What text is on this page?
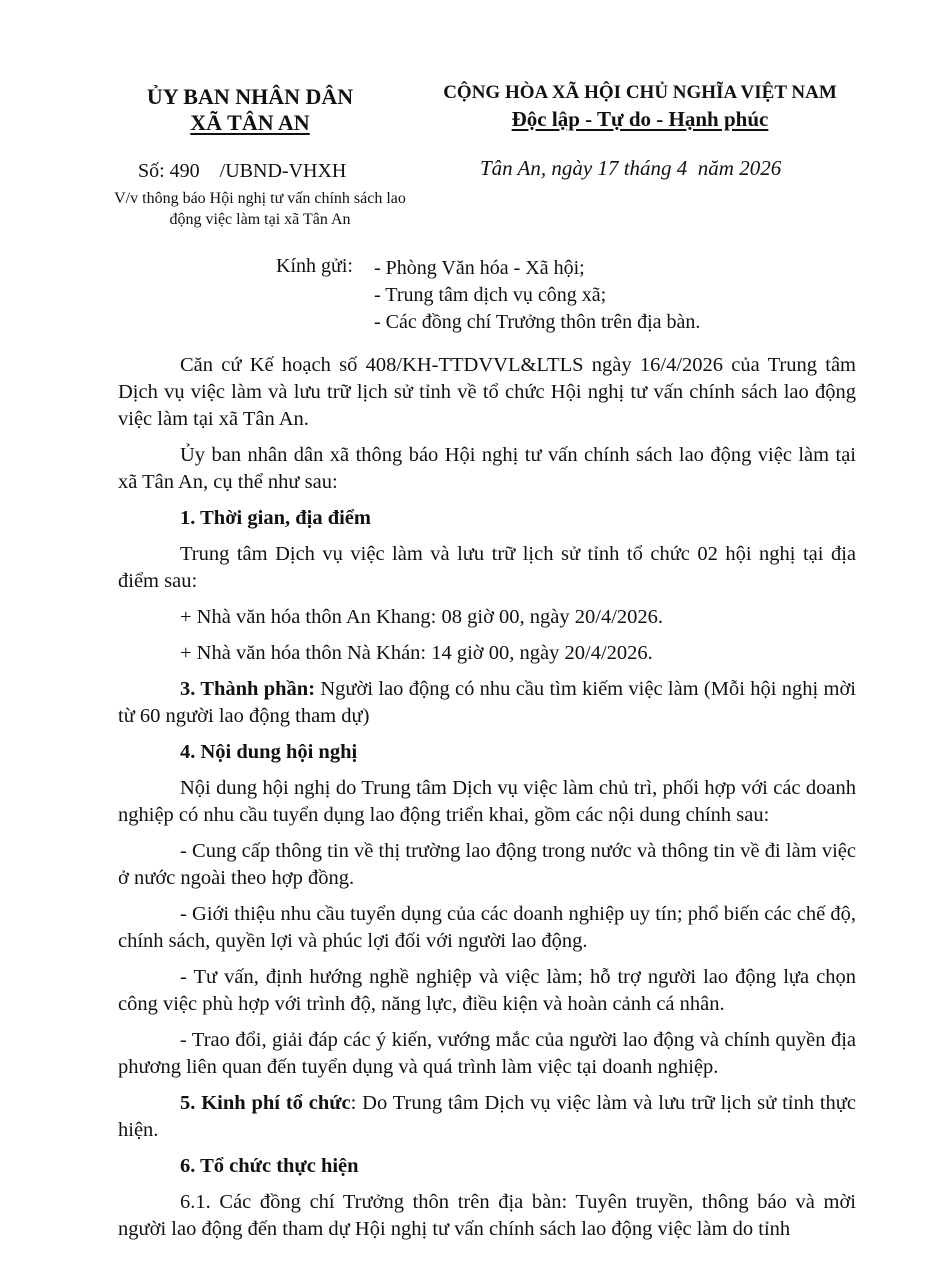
ỦY BAN NHÂN DÂN
XÃ TÂN AN
CỘNG HÒA XÃ HỘI CHỦ NGHĨA VIỆT NAM
Độc lập - Tự do - Hạnh phúc
Số: 490    /UBND-VHXH
V/v thông báo Hội nghị tư vấn chính sách lao
động việc làm tại xã Tân An
Tân An, ngày 17 tháng 4  năm 2026
Kính gửi: - Phòng Văn hóa - Xã hội;
- Trung tâm dịch vụ công xã;
- Các đồng chí Trưởng thôn trên địa bàn.

Căn cứ Kế hoạch số 408/KH-TTDVVL&LTLS ngày 16/4/2026 của Trung tâm Dịch vụ việc làm và lưu trữ lịch sử tỉnh về tổ chức Hội nghị tư vấn chính sách lao động việc làm tại xã Tân An.

Ủy ban nhân dân xã thông báo Hội nghị tư vấn chính sách lao động việc làm tại xã Tân An, cụ thể như sau:

1. Thời gian, địa điểm

Trung tâm Dịch vụ việc làm và lưu trữ lịch sử tỉnh tổ chức 02 hội nghị tại địa điểm sau:

+ Nhà văn hóa thôn An Khang: 08 giờ 00, ngày 20/4/2026.

+ Nhà văn hóa thôn Nà Khán: 14 giờ 00, ngày 20/4/2026.

3. Thành phần: Người lao động có nhu cầu tìm kiếm việc làm (Mỗi hội nghị mời từ 60 người lao động tham dự)

4. Nội dung hội nghị

Nội dung hội nghị do Trung tâm Dịch vụ việc làm chủ trì, phối hợp với các doanh nghiệp có nhu cầu tuyển dụng lao động triển khai, gồm các nội dung chính sau:

- Cung cấp thông tin về thị trường lao động trong nước và thông tin về đi làm việc ở nước ngoài theo hợp đồng.

- Giới thiệu nhu cầu tuyển dụng của các doanh nghiệp uy tín; phổ biến các chế độ, chính sách, quyền lợi và phúc lợi đối với người lao động.

- Tư vấn, định hướng nghề nghiệp và việc làm; hỗ trợ người lao động lựa chọn công việc phù hợp với trình độ, năng lực, điều kiện và hoàn cảnh cá nhân.

- Trao đổi, giải đáp các ý kiến, vướng mắc của người lao động và chính quyền địa phương liên quan đến tuyển dụng và quá trình làm việc tại doanh nghiệp.

5. Kinh phí tổ chức: Do Trung tâm Dịch vụ việc làm và lưu trữ lịch sử tỉnh thực hiện.

6. Tổ chức thực hiện

6.1. Các đồng chí Trưởng thôn trên địa bàn: Tuyên truyền, thông báo và mời người lao động đến tham dự Hội nghị tư vấn chính sách lao động việc làm do tỉnh
